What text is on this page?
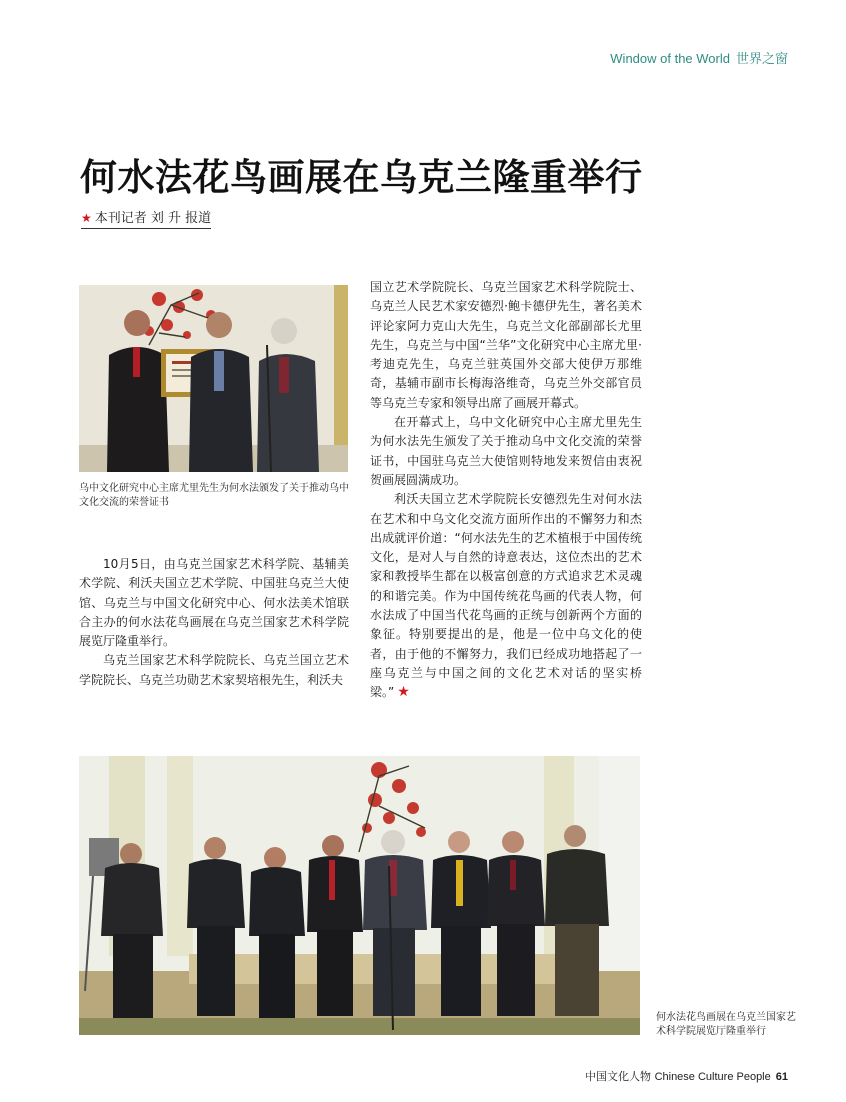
Window of the World 世界之窗
何水法花鸟画展在乌克兰隆重举行
★ 本刊记者 刘 升 报道
乌中文化研究中心主席尤里先生为何水法颁发了关于推动乌中文化交流的荣誉证书

10月5日，由乌克兰国家艺术科学院、基辅美术学院、利沃夫国立艺术学院、中国驻乌克兰大使馆、乌克兰与中国文化研究中心、何水法美术馆联合主办的何水法花鸟画展在乌克兰国家艺术科学院展览厅隆重举行。

乌克兰国家艺术科学院院长、乌克兰国立艺术学院院长、乌克兰功勋艺术家契培根先生，利沃夫

国立艺术学院院长、乌克兰国家艺术科学院院士、乌克兰人民艺术家安德烈·鲍卡德伊先生，著名美术评论家阿力克山大先生，乌克兰文化部副部长尤里先生，乌克兰与中国“兰华”文化研究中心主席尤里·考迪克先生，乌克兰驻英国外交部大使伊万那维奇，基辅市副市长梅海洛维奇，乌克兰外交部官员等乌克兰专家和领导出席了画展开幕式。

在开幕式上，乌中文化研究中心主席尤里先生为何水法先生颁发了关于推动乌中文化交流的荣誉证书，中国驻乌克兰大使馆则特地发来贺信由衷祝贺画展圆满成功。

利沃夫国立艺术学院院长安德烈先生对何水法在艺术和中乌文化交流方面所作出的不懈努力和杰出成就评价道：“何水法先生的艺术植根于中国传统文化，是对人与自然的诗意表达，这位杰出的艺术家和教授毕生都在以极富创意的方式追求艺术灵魂的和谐完美。作为中国传统花鸟画的代表人物，何水法成了中国当代花鸟画的正统与创新两个方面的象征。特别要提出的是，他是一位中乌文化的使者，由于他的不懈努力，我们已经成功地搭起了一座乌克兰与中国之间的文化艺术对话的坚实桥梁。” ★

何水法花鸟画展在乌克兰国家艺术科学院展览厅隆重举行
中国文化人物 Chinese Culture People 61
